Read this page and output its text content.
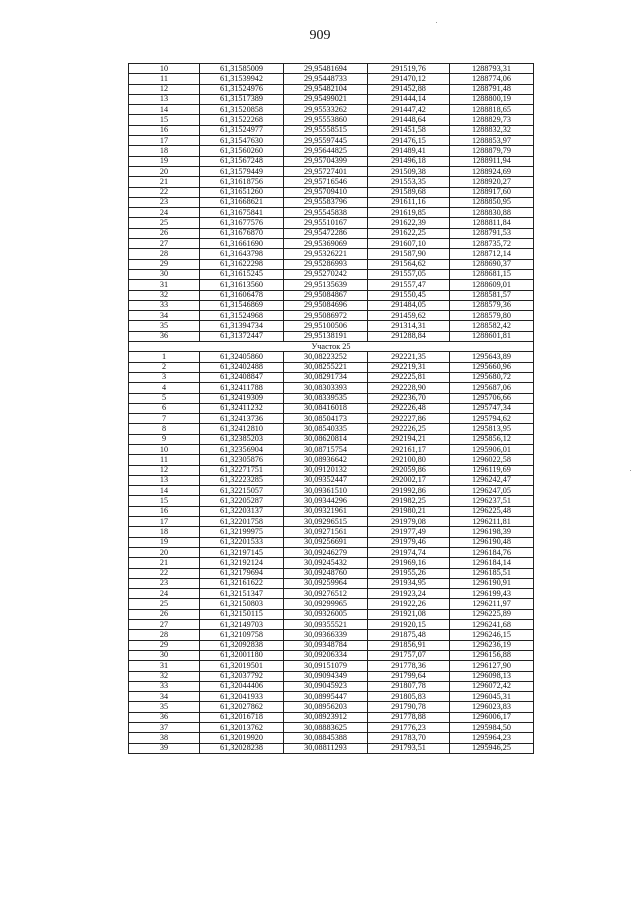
909
10	61,31585009	29,95481694	291519,76	1288793,31
11	61,31539942	29,95448733	291470,12	1288774,06
12	61,31524976	29,95482104	291452,88	1288791,48
13	61,31517389	29,95499021	291444,14	1288800,19
14	61,31520858	29,95533262	291447,42	1288818,65
15	61,31522268	29,95553860	291448,64	1288829,73
16	61,31524977	29,95558515	291451,58	1288832,32
17	61,31547630	29,95597445	291476,15	1288853,97
18	61,31560260	29,95644825	291489,41	1288879,79
19	61,31567248	29,95704399	291496,18	1288911,94
20	61,31579449	29,95727401	291509,38	1288924,69
21	61,31618756	29,95716546	291553,35	1288920,27
22	61,31651260	29,95709410	291589,68	1288917,60
23	61,31668621	29,95583796	291611,16	1288850,95
24	61,31675841	29,95545838	291619,85	1288830,88
25	61,31677576	29,95510167	291622,39	1288811,84
26	61,31676870	29,95472286	291622,25	1288791,53
27	61,31661690	29,95369069	291607,10	1288735,72
28	61,31643798	29,95326221	291587,90	1288712,14
29	61,31622298	29,95286993	291564,62	1288690,37
30	61,31615245	29,95270242	291557,05	1288681,15
31	61,31613560	29,95135639	291557,47	1288609,01
32	61,31606478	29,95084867	291550,45	1288581,57
33	61,31546869	29,95084696	291484,05	1288579,36
34	61,31524968	29,95086972	291459,62	1288579,80
35	61,31394734	29,95100506	291314,31	1288582,42
36	61,31372447	29,95138191	291288,84	1288601,81
Участок 25				
1	61,32405860	30,08223252	292221,35	1295643,89
2	61,32402488	30,08255221	292219,31	1295660,96
3	61,32408847	30,08291734	292225,81	1295680,72
4	61,32411788	30,08303393	292228,90	1295687,06
5	61,32419309	30,08339535	292236,70	1295706,66
6	61,32411232	30,08416018	292226,48	1295747,34
7	61,32413736	30,08504173	292227,86	1295794,62
8	61,32412810	30,08540335	292226,25	1295813,95
9	61,32385203	30,08620814	292194,21	1295856,12
10	61,32356904	30,08715754	292161,17	1295906,01
11	61,32305876	30,08936642	292100,80	1296022,58
12	61,32271751	30,09120132	292059,86	1296119,69
13	61,32223285	30,09352447	292002,17	1296242,47
14	61,32215057	30,09361510	291992,86	1296247,05
15	61,32205287	30,09344296	291982,25	1296237,51
16	61,32203137	30,09321961	291980,21	1296225,48
17	61,32201758	30,09296515	291979,08	1296211,81
18	61,32199975	30,09271561	291977,49	1296198,39
19	61,32201533	30,09256691	291979,46	1296190,48
20	61,32197145	30,09246279	291974,74	1296184,76
21	61,32192124	30,09245432	291969,16	1296184,14
22	61,32179694	30,09248760	291955,26	1296185,51
23	61,32161622	30,09259964	291934,95	1296190,91
24	61,32151347	30,09276512	291923,24	1296199,43
25	61,32150803	30,09299965	291922,26	1296211,97
26	61,32150115	30,09326005	291921,08	1296225,89
27	61,32149703	30,09355521	291920,15	1296241,68
28	61,32109758	30,09366339	291875,48	1296246,15
29	61,32092838	30,09348784	291856,91	1296236,19
30	61,32001180	30,09206334	291757,07	1296156,88
31	61,32019501	30,09151079	291778,36	1296127,90
32	61,32037792	30,09094349	291799,64	1296098,13
33	61,32044406	30,09045923	291807,78	1296072,42
34	61,32041933	30,08995447	291805,83	1296045,31
35	61,32027862	30,08956203	291790,78	1296023,83
36	61,32016718	30,08923912	291778,88	1296006,17
37	61,32013762	30,08883625	291776,23	1295984,50
38	61,32019920	30,08845388	291783,70	1295964,23
39	61,32028238	30,08811293	291793,51	1295946,25
